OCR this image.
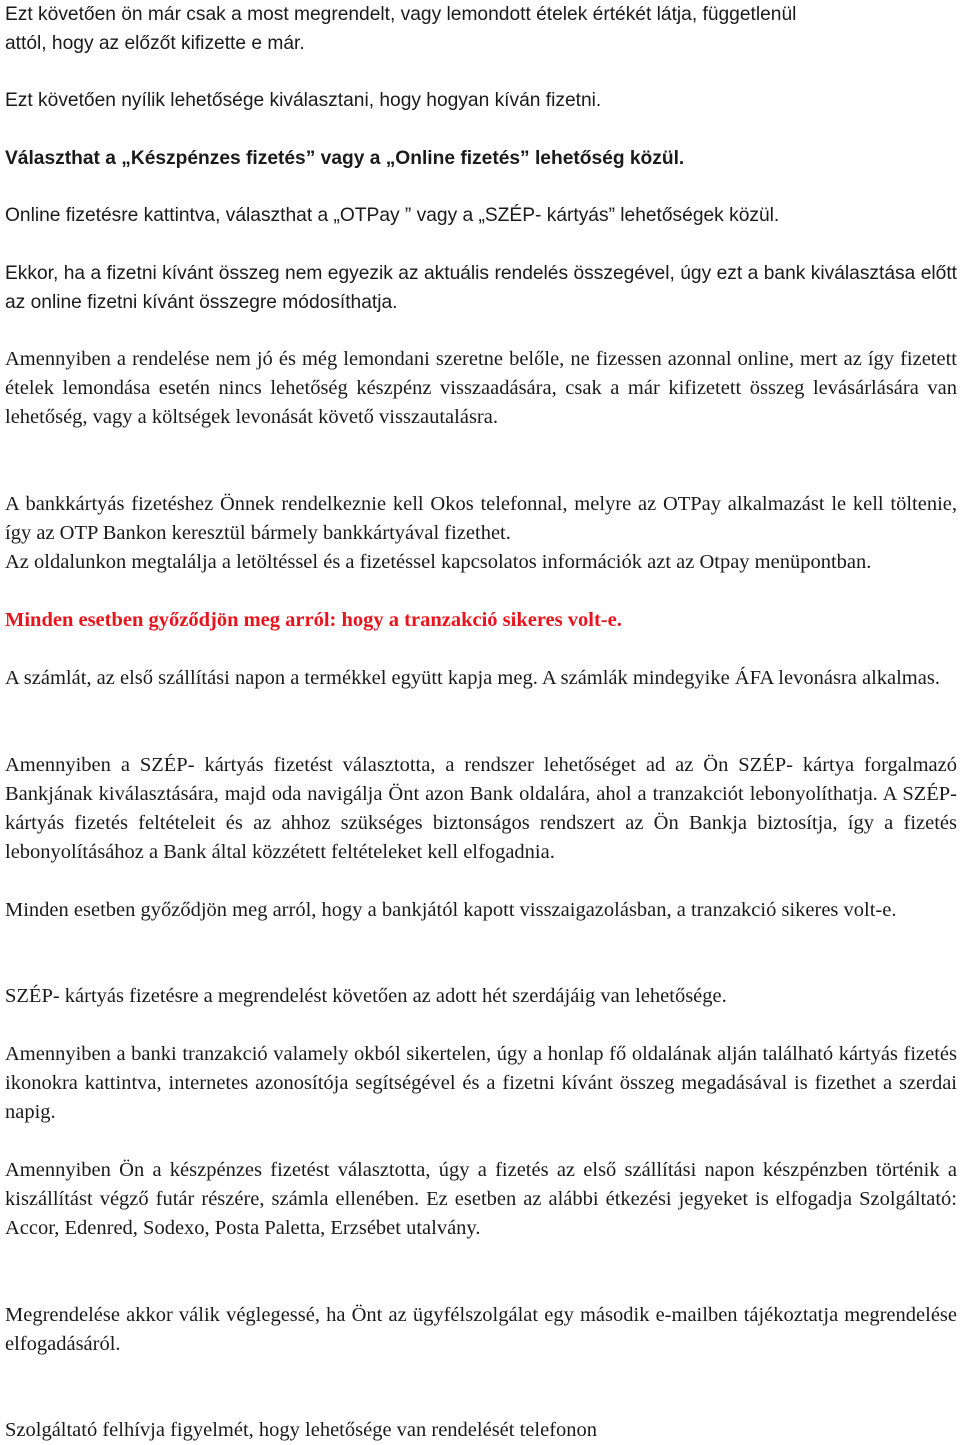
Ezt követően ön már csak a most megrendelt, vagy lemondott ételek értékét látja, függetlenül
attól, hogy az előzőt kifizette e már.

Ezt követően nyílik lehetősége kiválasztani, hogy hogyan kíván fizetni.

Választhat a „Készpénzes fizetés” vagy a „Online fizetés” lehetőség közül.

Online fizetésre kattintva, választhat a „OTPay ” vagy a „SZÉP- kártyás” lehetőségek közül.

Ekkor, ha a fizetni kívánt összeg nem egyezik az aktuális rendelés összegével, úgy ezt a bank kiválasztása előtt az online fizetni kívánt összegre módosíthatja.

Amennyiben a rendelése nem jó és még lemondani szeretne belőle, ne fizessen azonnal online, mert az így fizetett ételek lemondása esetén nincs lehetőség készpénz visszaadására, csak a már kifizetett összeg levásárlására van lehetőség, vagy a költségek levonását követő visszautalásra.

A bankkártyás fizetéshez Önnek rendelkeznie kell Okos telefonnal, melyre az OTPay alkalmazást le kell töltenie, így az OTP Bankon keresztül bármely bankkártyával fizethet.

Az oldalunkon megtalálja a letöltéssel és a fizetéssel kapcsolatos információk azt az Otpay menüpontban.

Minden esetben győződjön meg arról: hogy a tranzakció sikeres volt-e.

A számlát, az első szállítási napon a termékkel együtt kapja meg. A számlák mindegyike ÁFA levonásra alkalmas.

Amennyiben a SZÉP- kártyás fizetést választotta, a rendszer lehetőséget ad az Ön SZÉP- kártya forgalmazó Bankjának kiválasztására, majd oda navigálja Önt azon Bank oldalára, ahol a tranzakciót lebonyolíthatja. A SZÉP- kártyás fizetés feltételeit és az ahhoz szükséges biztonságos rendszert az Ön Bankja biztosítja, így a fizetés lebonyolításához a Bank által közzétett feltételeket kell elfogadnia.

Minden esetben győződjön meg arról, hogy a bankjától kapott visszaigazolásban, a tranzakció sikeres volt-e.

SZÉP- kártyás fizetésre a megrendelést követően az adott hét szerdájáig van lehetősége.

Amennyiben a banki tranzakció valamely okból sikertelen, úgy a honlap fő oldalának alján található kártyás fizetés ikonokra kattintva, internetes azonosítója segítségével és a fizetni kívánt összeg megadásával is fizethet a szerdai napig.

Amennyiben Ön a készpénzes fizetést választotta, úgy a fizetés az első szállítási napon készpénzben történik a kiszállítást végző futár részére, számla ellenében. Ez esetben az alábbi étkezési jegyeket is elfogadja Szolgáltató: Accor, Edenred, Sodexo, Posta Paletta, Erzsébet utalvány.

Megrendelése akkor válik véglegessé, ha Önt az ügyfélszolgálat egy második e-mailben tájékoztatja megrendelése elfogadásáról.

Szolgáltató felhívja figyelmét, hogy lehetősége van rendelését telefonon
